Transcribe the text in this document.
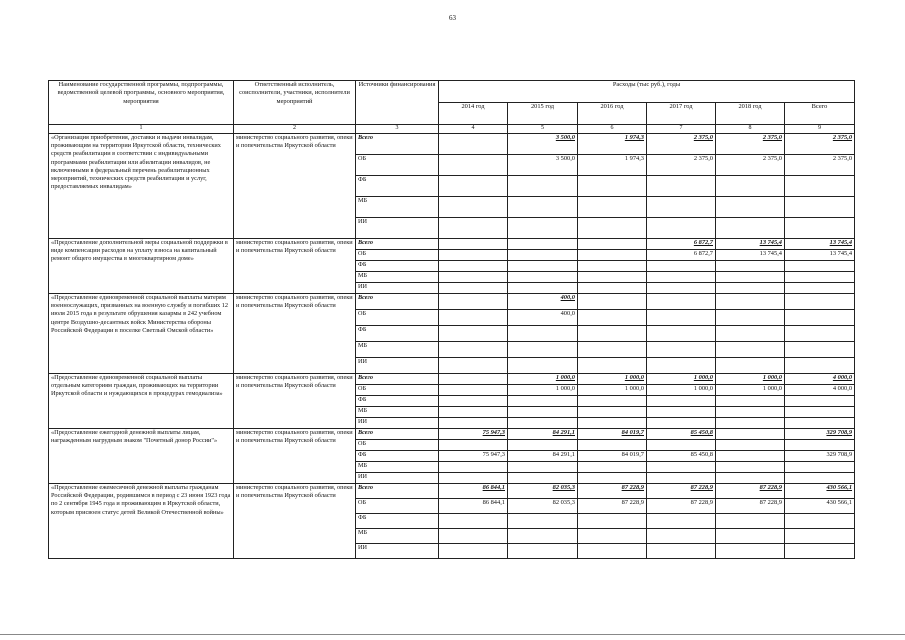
63
Наименование государственной программы, подпрограммы, ведомственной целевой программы, основного мероприятия, мероприятия	Ответственный исполнитель, соисполнители, участники, исполнители мероприятий	Источники финансирования	Расходы (тыс руб.), годы					
			2014 год	2015 год	2016 год	2017 год	2018 год	Всего
1	2	3	4	5	6	7	8	9
«Организация приобретения, доставки и выдачи инвалидам, проживающим на территории Иркутской области, технических средств реабилитации в соответствии с индивидуальными программами реабилитации или абилитации инвалидов, не включенными в федеральный перечень реабилитационных мероприятий, технических средств реабилитации и услуг, предоставляемых инвалидам»	министерство социального развития, опеки и попечительства Иркутской области	Всего		3 500,0	1 974,3	2 375,0	2 375,0	2 375,0
		ОБ		3 500,0	1 974,3	2 375,0	2 375,0	2 375,0
		ФБ						
		МБ						
		ИИ						
«Предоставление дополнительной меры социальной поддержки в виде компенсации расходов на уплату взноса на капитальный ремонт общего имущества в многоквартирном доме»	министерство социального развития, опеки и попечительства Иркутской области	Всего				6 872,7	13 745,4	13 745,4
		ОБ				6 872,7	13 745,4	13 745,4
		ФБ						
		МБ						
		ИИ						
«Предоставление единовременной социальной выплаты матерям военнослужащих, призванных на военную службу и погибших 12 июля 2015 года в результате обрушения казармы в 242 учебном центре Воздушно-десантных войск Министерства обороны Российской Федерации в поселке Светлый Омской области»	министерство социального развития, опеки и попечительства Иркутской области	Всего		400,0				
		ОБ		400,0				
		ФБ						
		МБ						
		ИИ						
«Предоставление единовременной социальной выплаты отдельным категориям граждан, проживающих на территории Иркутской области и нуждающихся в процедурах гемодиализа»	министерство социального развития, опеки и попечительства Иркутской области	Всего		1 000,0	1 000,0	1 000,0	1 000,0	4 000,0
		ОБ		1 000,0	1 000,0	1 000,0	1 000,0	4 000,0
		ФБ						
		МБ						
		ИИ						
«Предоставление ежегодной денежной выплаты лицам, награжденным нагрудным знаком "Почетный донор России"»	министерство социального развития, опеки и попечительства Иркутской области	Всего	75 947,3	84 291,1	84 019,7	85 450,8		329 708,9
		ОБ						
		ФБ	75 947,3	84 291,1	84 019,7	85 450,8		329 708,9
		МБ						
		ИИ						
«Предоставление ежемесячной денежной выплаты гражданам Российской Федерации, родившимся в период с 23 июня 1923 года по 2 сентября 1945 года и проживающим в Иркутской области, которым присвоен статус детей Великой Отечественной войны»	министерство социального развития, опеки и попечительства Иркутской области	Всего	86 844,1	82 035,3	87 228,9	87 228,9	87 228,9	430 566,1
		ОБ	86 844,1	82 035,3	87 228,9	87 228,9	87 228,9	430 566,1
		ФБ						
		МБ						
		ИИ						
